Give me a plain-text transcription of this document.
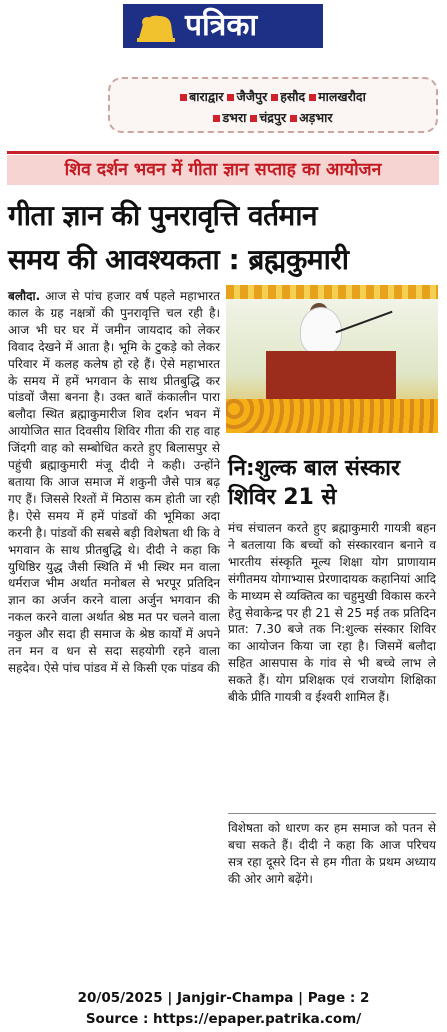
पत्रिका
बाराद्वार	जैजैपुर	हसौद	मालखरौदा
डभरा	चंद्रपुर	अड़भार
शिव दर्शन भवन में गीता ज्ञान सप्ताह का आयोजन
गीता ज्ञान की पुनरावृत्ति वर्तमान
समय की आवश्यकता : ब्रह्मकुमारी
बलौदा. आज से पांच हजार वर्ष पहले महाभारत काल के ग्रह नक्षत्रों की पुनरावृत्ति चल रही है। आज भी घर घर में जमीन जायदाद को लेकर विवाद देखने में आता है। भूमि के टुकड़े को लेकर परिवार में कलह कलेष हो रहे हैं। ऐसे महाभारत के समय में हमें भगवान के साथ प्रीतबुद्धि कर पांडवों जैसा बनना है। उक्त बातें कंकालीन पारा बलौदा स्थित ब्रह्माकुमारीज शिव दर्शन भवन में आयोजित सात दिवसीय शिविर गीता की राह वाह जिंदगी वाह को सम्बोधित करते हुए बिलासपुर से पहुंची ब्रह्माकुमारी मंजू दीदी ने कही। उन्होंने बताया कि आज समाज में शकुनी जैसे पात्र बढ़ गए हैं। जिससे रिश्तों में मिठास कम होती जा रही है। ऐसे समय में हमें पांडवों की भूमिका अदा करनी है। पांडवों की सबसे बड़ी विशेषता थी कि वे भगवान के साथ प्रीतबुद्धि थे। दीदी ने कहा कि युधिष्ठिर युद्ध जैसी स्थिति में भी स्थिर मन वाला धर्मराज भीम अर्थात मनोबल से भरपूर प्रतिदिन ज्ञान का अर्जन करने वाला अर्जुन भगवान की नकल करने वाला अर्थात श्रेष्ठ मत पर चलने वाला नकुल और सदा ही समाज के श्रेष्ठ कार्यों में अपने तन मन व धन से सदा सहयोगी रहने वाला सहदेव। ऐसे पांच पांडव में से किसी एक पांडव की
नि:शुल्क बाल संस्कार
शिविर 21 से
मंच संचालन करते हुए ब्रह्माकुमारी गायत्री बहन ने बतलाया कि बच्चों को संस्कारवान बनाने व भारतीय संस्कृति मूल्य शिक्षा योग प्राणायाम संगीतमय योगाभ्यास प्रेरणादायक कहानियां आदि के माध्यम से व्यक्तित्व का चहुमुखी विकास करने हेतु सेवाकेन्द्र पर ही 21 से 25 मई तक प्रतिदिन प्रात: 7.30 बजे तक नि:शुल्क संस्कार शिविर का आयोजन किया जा रहा है। जिसमें बलौदा सहित आसपास के गांव से भी बच्चे लाभ ले सकते हैं। योग प्रशिक्षक एवं राजयोग शिक्षिका बीके प्रीति गायत्री व ईश्वरी शामिल हैं।
विशेषता को धारण कर हम समाज को पतन से बचा सकते हैं। दीदी ने कहा कि आज परिचय सत्र रहा दूसरे दिन से हम गीता के प्रथम अध्याय की ओर आगे बढ़ेंगे।
20/05/2025 | Janjgir-Champa | Page : 2
Source : https://epaper.patrika.com/
